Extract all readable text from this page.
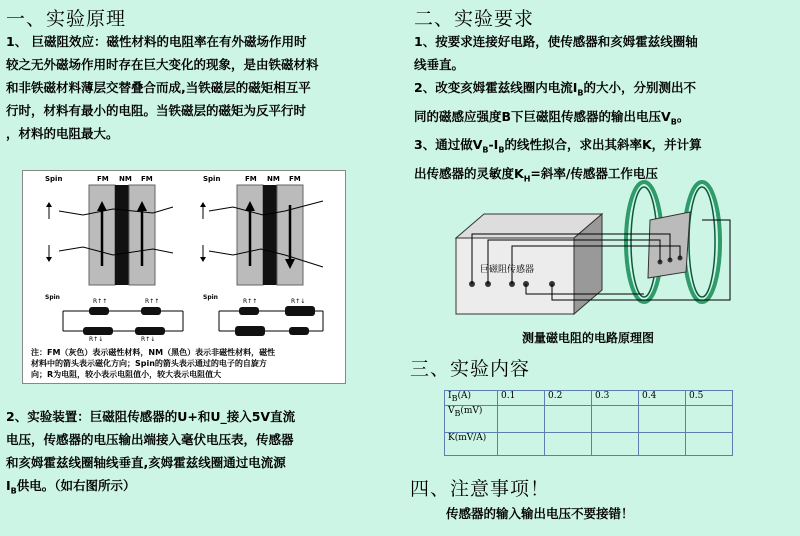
一、实验原理
1、 巨磁阻效应：磁性材料的电阻率在有外磁场作用时
较之无外磁场作用时存在巨大变化的现象，是由铁磁材料
和非铁磁材料薄层交替叠合而成,当铁磁层的磁矩相互平
行时，材料有最小的电阻。当铁磁层的磁矩为反平行时
，材料的电阻最大。
Spin	FM NM FM	Spin	FM NM FM
Spin
R↑↑	R↑↑
R↑↓	R↑↓
Spin
R↑↑	R↑↓
注：FM（灰色）表示磁性材料，NM（黑色）表示非磁性材料，磁性
材料中的箭头表示磁化方向；Spin的箭头表示通过的电子的自旋方
向；R为电阻，较小表示电阻值小，较大表示电阻值大
2、实验装置：巨磁阻传感器的U+和U_接入5V直流
电压，传感器的电压输出端接入毫伏电压表，传感器
和亥姆霍兹线圈轴线垂直,亥姆霍兹线圈通过电流源
$I_B$供电。（如右图所示）
二、实验要求
1、按要求连接好电路，使传感器和亥姆霍兹线圈轴
线垂直。
2、改变亥姆霍兹线圈内电流$I_B$的大小，分别测出不
同的磁感应强度B下巨磁阻传感器的输出电压$V_B$。
3、通过做$V_B-I_B$的线性拟合，求出其斜率K，并计算
出传感器的灵敏度$K_H=$斜率/传感器工作电压
巨磁阻传感器
测量磁电阻的电路原理图
三、实验内容
$I_B(A)$	0.1	0.2	0.3	0.4	0.5
$V_B(mV)$					
K(mV/A)					
四、注意事项！
传感器的输入输出电压不要接错！
